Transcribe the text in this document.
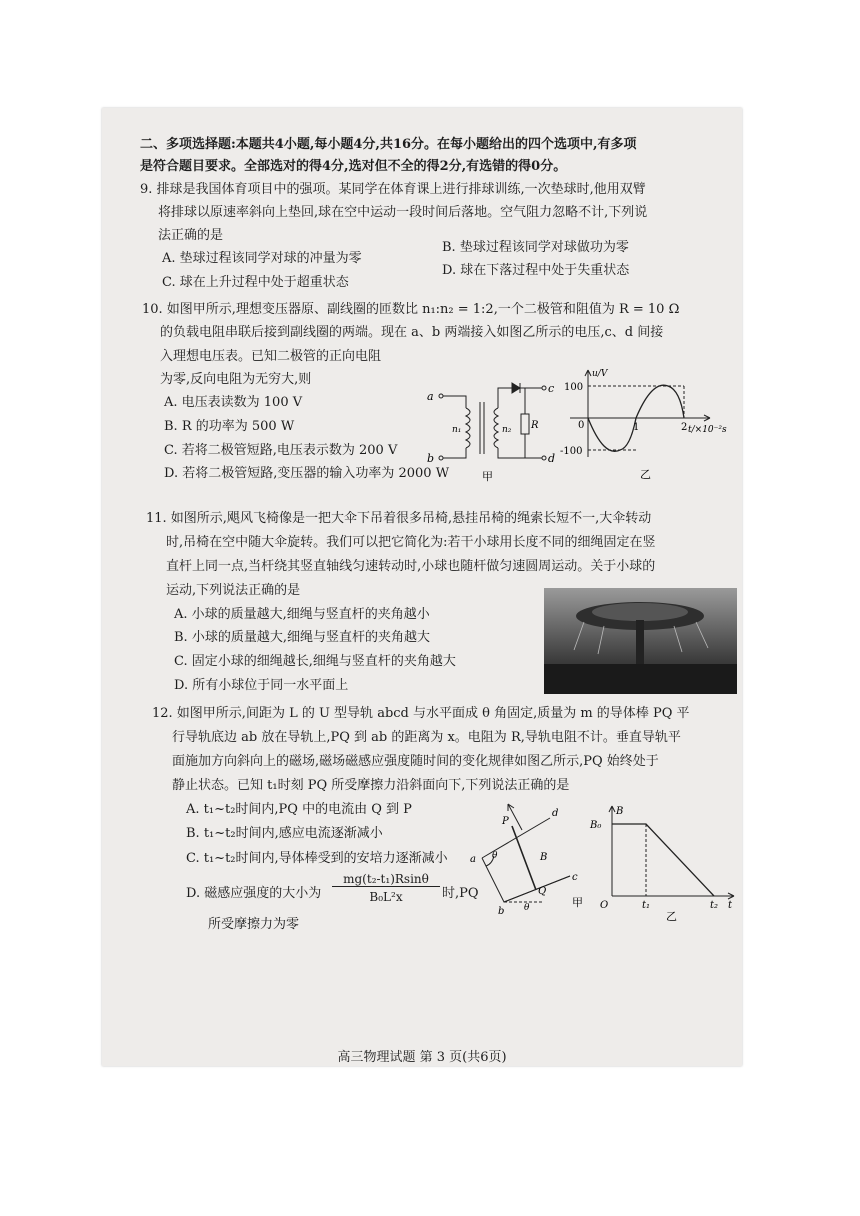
二、多项选择题:本题共4小题,每小题4分,共16分。在每小题给出的四个选项中,有多项
是符合题目要求。全部选对的得4分,选对但不全的得2分,有选错的得0分。
9. 排球是我国体育项目中的强项。某同学在体育课上进行排球训练,一次垫球时,他用双臂
将排球以原速率斜向上垫回,球在空中运动一段时间后落地。空气阻力忽略不计,下列说
法正确的是
A. 垫球过程该同学对球的冲量为零
B. 垫球过程该同学对球做功为零
C. 球在上升过程中处于超重状态
D. 球在下落过程中处于失重状态
10. 如图甲所示,理想变压器原、副线圈的匝数比 n₁:n₂ = 1:2,一个二极管和阻值为 R = 10 Ω
的负载电阻串联后接到副线圈的两端。现在 a、b 两端接入如图乙所示的电压,c、d 间接
入理想电压表。已知二极管的正向电阻
为零,反向电阻为无穷大,则
A. 电压表读数为 100 V
B. R 的功率为 500 W
C. 若将二极管短路,电压表示数为 200 V
D. 若将二极管短路,变压器的输入功率为 2000 W
a
b
c
d
n₁	n₂ R
甲
u/V
100
-100
0	1	2 t/×10⁻²s
乙
11. 如图所示,飓风飞椅像是一把大伞下吊着很多吊椅,悬挂吊椅的绳索长短不一,大伞转动
时,吊椅在空中随大伞旋转。我们可以把它简化为:若干小球用长度不同的细绳固定在竖
直杆上同一点,当杆绕其竖直轴线匀速转动时,小球也随杆做匀速圆周运动。关于小球的
运动,下列说法正确的是
A. 小球的质量越大,细绳与竖直杆的夹角越小
B. 小球的质量越大,细绳与竖直杆的夹角越大
C. 固定小球的细绳越长,细绳与竖直杆的夹角越大
D. 所有小球位于同一水平面上
12. 如图甲所示,间距为 L 的 U 型导轨 abcd 与水平面成 θ 角固定,质量为 m 的导体棒 PQ 平
行导轨底边 ab 放在导轨上,PQ 到 ab 的距离为 x。电阻为 R,导轨电阻不计。垂直导轨平
面施加方向斜向上的磁场,磁场磁感应强度随时间的变化规律如图乙所示,PQ 始终处于
静止状态。已知 t₁时刻 PQ 所受摩擦力沿斜面向下,下列说法正确的是
A. t₁~t₂时间内,PQ 中的电流由 Q 到 P
B. t₁~t₂时间内,感应电流逐渐减小
C. t₁~t₂时间内,导体棒受到的安培力逐渐减小
D. 磁感应强度的大小为
mg(t₂-t₁)Rsinθ
B₀L²x	时,PQ
所受摩擦力为零
a
b
c
d
P
Q
B
θ
θ	甲
B
B₀
O	t₁	t₂ t
乙
高三物理试题 第 3 页(共6页)
